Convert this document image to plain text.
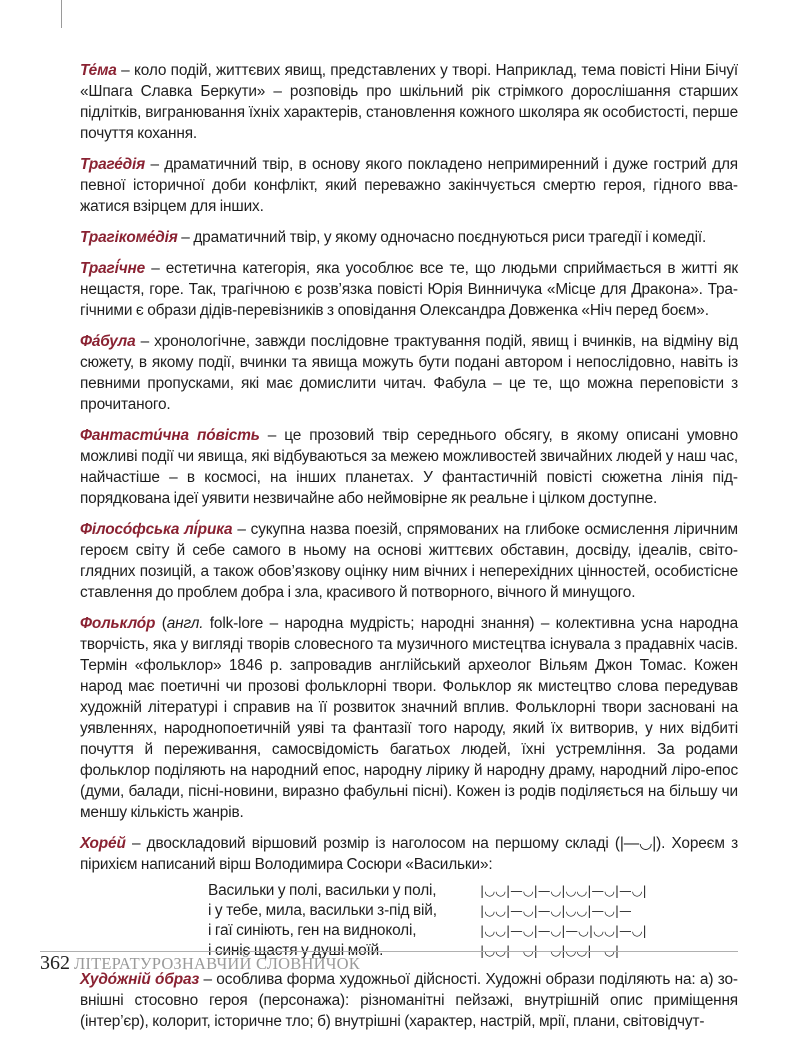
Те́ма – коло подій, життєвих явищ, представлених у творі. Наприклад, тема повісті Ніни Бічуї «Шпага Славка Беркути» – розповідь про шкільний рік стрімкого дорослішання старших підлітків, вигранювання їхніх характерів, становлення кожного школяра як особистості, перше почуття кохання.

Траге́дія – драматичний твір, в основу якого покладено непримиренний і дуже гострий для певної історичної доби конфлікт, який переважно закінчується смертю героя, гідного вважатися взірцем для інших.

Трагікоме́дія – драматичний твір, у якому одночасно поєднуються риси трагедії і комедії.

Трагі́чне – естетична категорія, яка уособлює все те, що людьми сприймається в житті як нещастя, горе. Так, трагічною є розв’язка повісті Юрія Винничука «Місце для Дракона». Трагічними є образи дідів-перевізників з оповідання Олександра Довженка «Ніч перед боєм».

Фа́була – хронологічне, завжди послідовне трактування подій, явищ і вчинків, на відміну від сюжету, в якому події, вчинки та явища можуть бути подані автором і непослідовно, навіть із певними пропусками, які має домислити читач. Фабула – це те, що можна переповісти з прочитаного.

Фантасти́чна по́вість – це прозовий твір середнього обсягу, в якому описані умовно можливі події чи явища, які відбуваються за межею можливостей звичайних людей у наш час, найчастіше – в космосі, на інших планетах. У фантастичній повісті сюжетна лінія підпорядкована ідеї уявити незвичайне або неймовірне як реальне і цілком доступне.

Філосо́фська лі́рика – сукупна назва поезій, спрямованих на глибоке осмислення ліричним героєм світу й себе самого в ньому на основі життєвих обставин, досвіду, ідеалів, світоглядних позицій, а також обов’язкову оцінку ним вічних і неперехідних цінностей, особистісне ставлення до проблем добра і зла, красивого й потворного, вічного й минущого.

Фолькло́р (англ. folk-lore – народна мудрість; народні знання) – колективна усна народна творчість, яка у вигляді творів словесного та музичного мистецтва існувала з прадавніх часів. Термін «фольклор» 1846 р. запровадив англійський археолог Вільям Джон Томас. Кожен народ має поетичні чи прозові фольклорні твори. Фольклор як мистецтво слова передував художній літературі і справив на її розвиток значний вплив. Фольклорні твори засновані на уявленнях, народнопоетичній уяві та фантазії того народу, який їх витворив, у них відбиті почуття й переживання, самосвідомість багатьох людей, їхні устремління. За родами фольклор поділяють на народний епос, народну лірику й народну драму, народний ліро-епос (думи, балади, пісні-новини, виразно фабульні пісні). Кожен із родів поділяється на більшу чи меншу кількість жанрів.

Хоре́й – двоскладовий віршовий розмір із наголосом на першому складі (|—◡|). Хореєм з пірихієм написаний вірш Володимира Сосюри «Васильки»:

Васильки у полі, васильки у полі,	|◡◡|—◡|—◡|◡◡|—◡|—◡|
і у тебе, мила, васильки з-під вій,	|◡◡|—◡|—◡|◡◡|—◡|—
і гаї синіють, ген на видноколі,	|◡◡|—◡|—◡|—◡|◡◡|—◡|
і синіє щастя у душі моїй.	|◡◡|—◡|—◡|◡◡|—◡|—

Худо́жній о́браз – особлива форма художньої дійсності. Художні образи поділяють на: а) зовнішні стосовно героя (персонажа): різноманітні пейзажі, внутрішній опис приміщення (інтер’єр), колорит, історичне тло; б) внутрішні (характер, настрій, мрії, плани, світовідчут-

362 ЛІТЕРАТУРОЗНАВЧИЙ СЛОВНИЧОК
